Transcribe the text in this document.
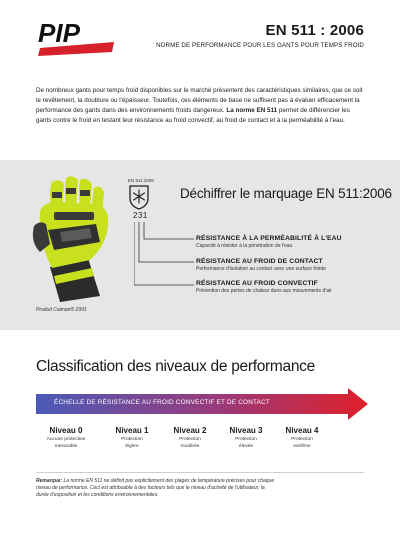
PIP	EN 511 : 2006
NORME DE PERFORMANCE POUR LES GANTS POUR TEMPS FROID
De nombreux gants pour temps froid disponibles sur le marché présentent des caractéristiques similaires, que ce soit le revêtement, la doublure ou l'épaisseur. Toutefois, ces éléments de base ne suffisent pas à évaluer efficacement la performance des gants dans des environnements froids dangereux. La norme EN 511 permet de différencier les gants contre le froid en testant leur résistance au froid convectif, au froid de contact et à la perméabilité à l'eau.
Produit Caiman® 2991
EN 511:2006
231
Déchiffrer le marquage EN 511:2006
RÉSISTANCE À LA PERMÉABILITÉ À L'EAU
Capacité à résister à la pénétration de l'eau
RÉSISTANCE AU FROID DE CONTACT
Performance d'isolation au contact avec une surface froide
RÉSISTANCE AU FROID CONVECTIF
Prévention des pertes de chaleur dues aux mouvements d'air
Classification des niveaux de performance
ÉCHELLE DE RÉSISTANCE AU FROID CONVECTIF ET DE CONTACT
Niveau 0
Aucune protection
mesurable
Niveau 1
Protection
légère
Niveau 2
Protection
modérée
Niveau 3
Protection
élevée
Niveau 4
Protection
extrême
Remarque: La norme EN 511 ne définit pas explicitement des plages de température précises pour chaque niveau de performance. Ceci est attribuable à des facteurs tels que le niveau d'activité de l'utilisateur, la durée d'exposition et les conditions environnementales.
